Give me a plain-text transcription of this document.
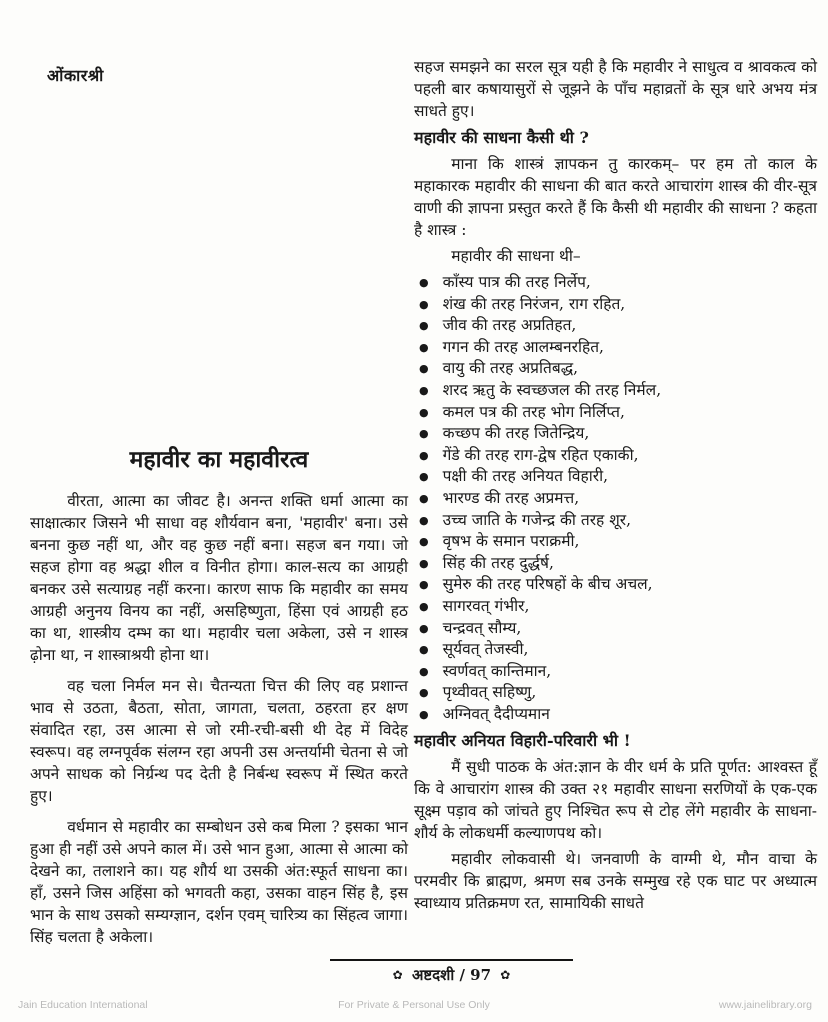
ओंकारश्री
महावीर का महावीरत्व

वीरता, आत्मा का जीवट है। अनन्त शक्ति धर्मा आत्मा का साक्षात्कार जिसने भी साधा वह शौर्यवान बना, 'महावीर' बना। उसे बनना कुछ नहीं था, और वह कुछ नहीं बना। सहज बन गया। जो सहज होगा वह श्रद्धा शील व विनीत होगा। काल-सत्य का आग्रही बनकर उसे सत्याग्रह नहीं करना। कारण साफ कि महावीर का समय आग्रही अनुनय विनय का नहीं, असहिष्णुता, हिंसा एवं आग्रही हठ का था, शास्त्रीय दम्भ का था। महावीर चला अकेला, उसे न शास्त्र ढ़ोना था, न शास्त्राश्रयी होना था।

वह चला निर्मल मन से। चैतन्यता चित्त की लिए वह प्रशान्त भाव से उठता, बैठता, सोता, जागता, चलता, ठहरता हर क्षण संवादित रहा, उस आत्मा से जो रमी-रची-बसी थी देह में विदेह स्वरूप। वह लग्नपूर्वक संलग्न रहा अपनी उस अन्तर्यामी चेतना से जो अपने साधक को निर्ग्रन्थ पद देती है निर्बन्ध स्वरूप में स्थित करते हुए।

वर्धमान से महावीर का सम्बोधन उसे कब मिला ? इसका भान हुआ ही नहीं उसे अपने काल में। उसे भान हुआ, आत्मा से आत्मा को देखने का, तलाशने का। यह शौर्य था उसकी अंत:स्फूर्त साधना का। हाँ, उसने जिस अहिंसा को भगवती कहा, उसका वाहन सिंह है, इस भान के साथ उसको सम्यग्ज्ञान, दर्शन एवम् चारित्र्य का सिंहत्व जागा। सिंह चलता है अकेला।

सहज समझने का सरल सूत्र यही है कि महावीर ने साधुत्व व श्रावकत्व को पहली बार कषायासुरों से जूझने के पाँच महाव्रतों के सूत्र धारे अभय मंत्र साधते हुए।

महावीर की साधना कैसी थी ?

माना कि शास्त्रं ज्ञापकन तु कारकम्– पर हम तो काल के महाकारक महावीर की साधना की बात करते आचारांग शास्त्र की वीर-सूत्र वाणी की ज्ञापना प्रस्तुत करते हैं कि कैसी थी महावीर की साधना ? कहता है शास्त्र :

महावीर की साधना थी–

● काँस्य पात्र की तरह निर्लेप,
● शंख की तरह निरंजन, राग रहित,
● जीव की तरह अप्रतिहत,
● गगन की तरह आलम्बनरहित,
● वायु की तरह अप्रतिबद्ध,
● शरद ऋतु के स्वच्छजल की तरह निर्मल,
● कमल पत्र की तरह भोग निर्लिप्त,
● कच्छप की तरह जितेन्द्रिय,
● गेंडे की तरह राग-द्वेष रहित एकाकी,
● पक्षी की तरह अनियत विहारी,
● भारण्ड की तरह अप्रमत्त,
● उच्च जाति के गजेन्द्र की तरह शूर,
● वृषभ के समान पराक्रमी,
● सिंह की तरह दुर्द्धर्ष,
● सुमेरु की तरह परिषहों के बीच अचल,
● सागरवत् गंभीर,
● चन्द्रवत् सौम्य,
● सूर्यवत् तेजस्वी,
● स्वर्णवत् कान्तिमान,
● पृथ्वीवत् सहिष्णु,
● अग्निवत् दैदीप्यमान
महावीर अनियत विहारी-परिवारी भी !

मैं सुधी पाठक के अंत:ज्ञान के वीर धर्म के प्रति पूर्णत: आश्वस्त हूँ कि वे आचारांग शास्त्र की उक्त २१ महावीर साधना सरणियों के एक-एक सूक्ष्म पड़ाव को जांचते हुए निश्चित रूप से टोह लेंगे महावीर के साधना-शौर्य के लोकधर्मी कल्याणपथ को।

महावीर लोकवासी थे। जनवाणी के वाग्मी थे, मौन वाचा के परमवीर कि ब्राह्मण, श्रमण सब उनके सम्मुख रहे एक घाट पर अध्यात्म स्वाध्याय प्रतिक्रमण रत, सामायिकी साधते

✿ अष्टदशी / 97 ✿
Jain Education International	For Private & Personal Use Only	www.jainelibrary.org
